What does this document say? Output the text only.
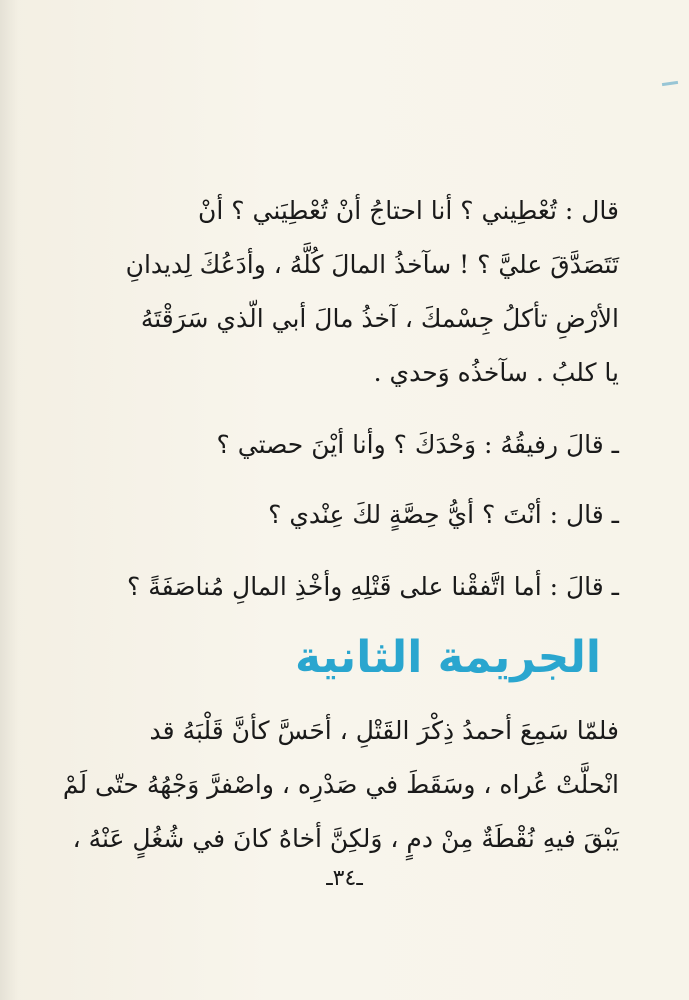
قال : تُعْطِيني ؟ أنا احتاجُ أنْ تُعْطِيَني ؟ أنْ

تَتَصَدَّقَ عليَّ ؟ ! سآخذُ المالَ كُلَّهُ ، وأدَعُكَ لِديدانِ

الأرْضِ تأكلُ جِسْمكَ ، آخذُ مالَ أبي الّذي سَرَقْتَهُ

يا كلبُ . سآخذُه وَحدي .

ـ قالَ رفيقُهُ : وَحْدَكَ ؟ وأنا أيْنَ حصتي ؟

ـ قال : أنْتَ ؟ أيُّ حِصَّةٍ لكَ عِنْدي ؟

ـ قالَ : أما اتَّفقْنا على قَتْلِهِ وأخْذِ المالِ مُناصَفَةً ؟

الجريمة الثانية

فلمّا سَمِعَ أحمدُ ذِكْرَ القَتْلِ ، أحَسَّ كأنَّ قَلْبَهُ قد

انْحلَّتْ عُراه ، وسَقَطَ في صَدْرِه ، واصْفرَّ وَجْهُهُ حتّى لَمْ

يَبْقَ فيهِ نُقْطَةٌ مِنْ دمٍ ، وَلكِنَّ أخاهُ كانَ في شُغُلٍ عَنْهُ ،

ـ٣٤ـ
